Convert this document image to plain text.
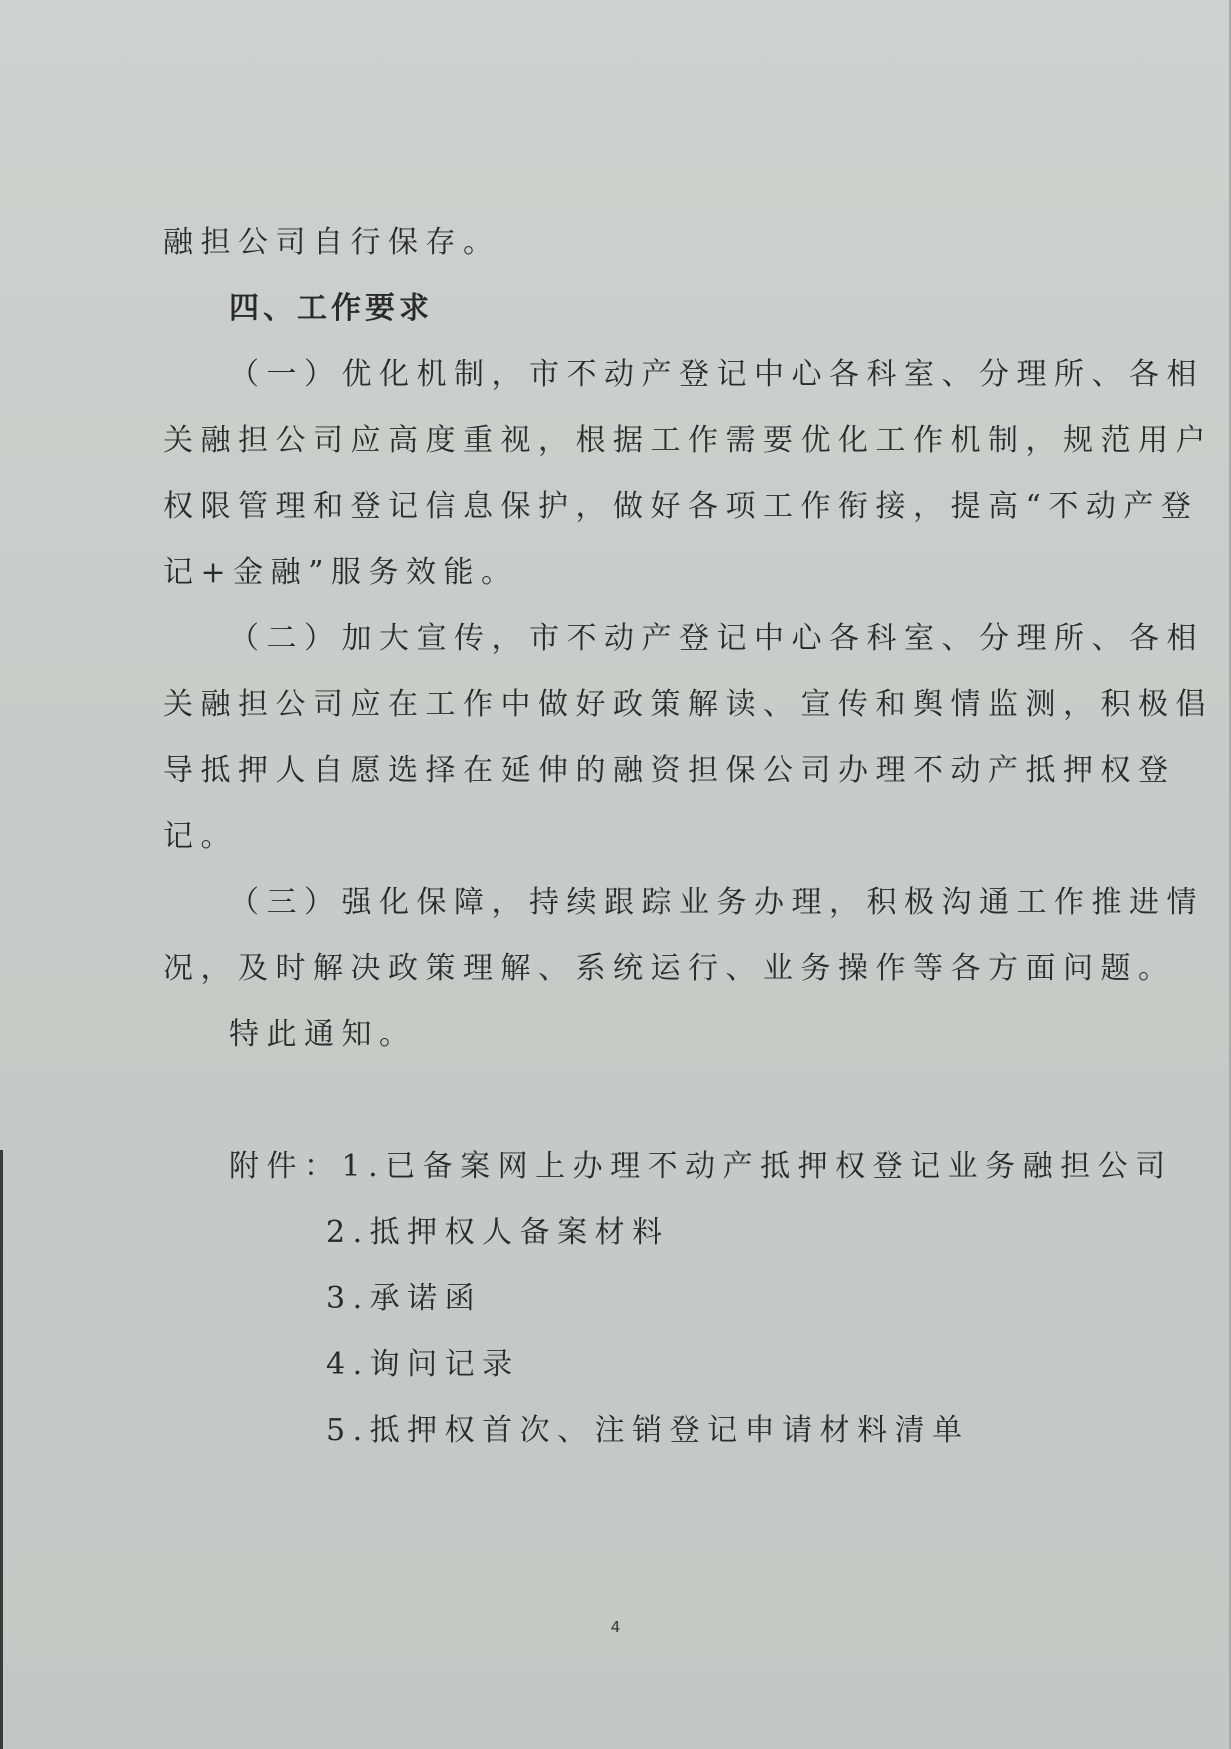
融担公司自行保存。

四、工作要求

（一）优化机制，市不动产登记中心各科室、分理所、各相

关融担公司应高度重视，根据工作需要优化工作机制，规范用户

权限管理和登记信息保护，做好各项工作衔接，提高“不动产登

记+金融”服务效能。

（二）加大宣传，市不动产登记中心各科室、分理所、各相

关融担公司应在工作中做好政策解读、宣传和舆情监测，积极倡

导抵押人自愿选择在延伸的融资担保公司办理不动产抵押权登

记。

（三）强化保障，持续跟踪业务办理，积极沟通工作推进情

况，及时解决政策理解、系统运行、业务操作等各方面问题。

特此通知。

附件：1.已备案网上办理不动产抵押权登记业务融担公司

2.抵押权人备案材料

3.承诺函

4.询问记录

5.抵押权首次、注销登记申请材料清单

4
